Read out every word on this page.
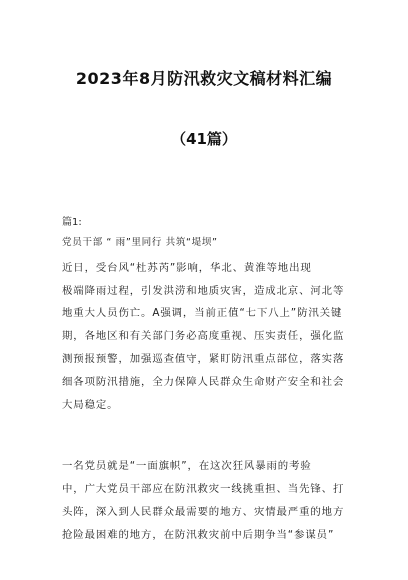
2023年8月防汛救灾文稿材料汇编
（41篇）
篇1:
党员干部 “ 雨”里同行 共筑“堤坝”
近日，受台风“杜苏芮”影响，华北、黄淮等地出现
极端降雨过程，引发洪涝和地质灾害，造成北京、河北等
地重大人员伤亡。A强调，当前正值“七下八上”防汛关键
期，各地区和有关部门务必高度重视、压实责任，强化监
测预报预警，加强巡查值守，紧盯防汛重点部位，落实落
细各项防汛措施，全力保障人民群众生命财产安全和社会
大局稳定。
一名党员就是“一面旗帜”，在这次狂风暴雨的考验
中，广大党员干部应在防汛救灾一线挑重担、当先锋、打
头阵，深入到人民群众最需要的地方、灾情最严重的地方
抢险最困难的地方，在防汛救灾前中后期争当“参谋员”
